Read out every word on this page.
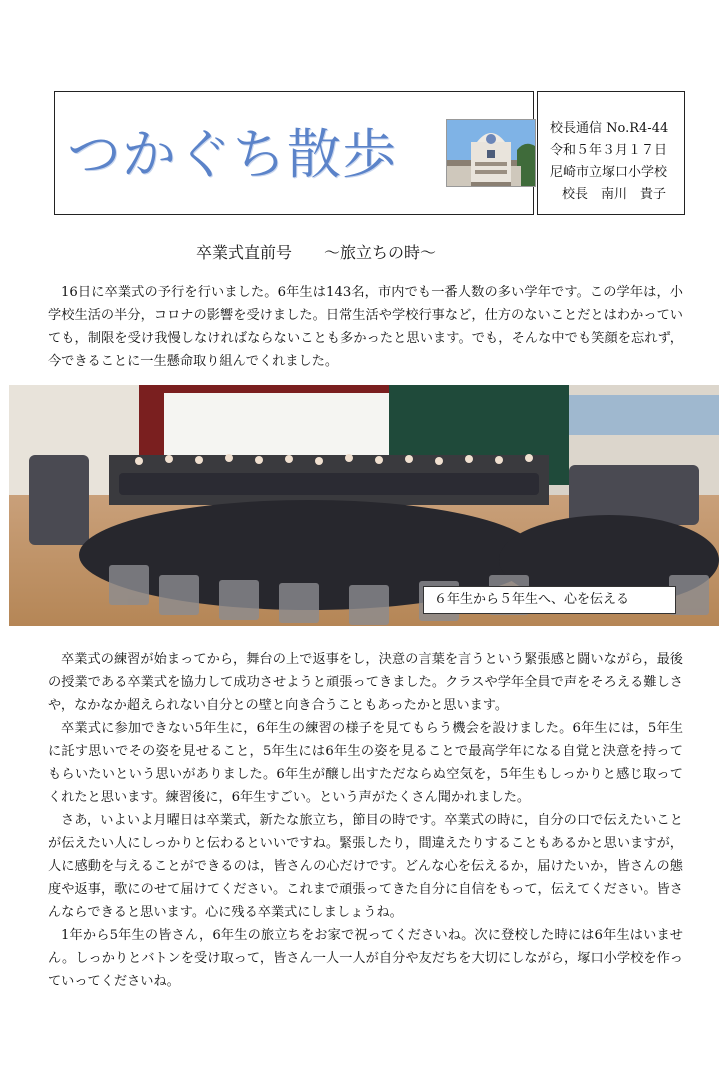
つかぐち散歩	校長通信 No.R4-44

令和５年３月１７日

尼崎市立塚口小学校

校長　南川　貴子

卒業式直前号　　～旅立ちの時～

16日に卒業式の予行を行いました。6年生は143名，市内でも一番人数の多い学年です。この学年は，小学校生活の半分，コロナの影響を受けました。日常生活や学校行事など，仕方のないことだとはわかっていても，制限を受け我慢しなければならないことも多かったと思います。でも，そんな中でも笑顔を忘れず，今できることに一生懸命取り組んでくれました。

６年生から５年生へ、心を伝える

卒業式の練習が始まってから，舞台の上で返事をし，決意の言葉を言うという緊張感と闘いながら，最後の授業である卒業式を協力して成功させようと頑張ってきました。クラスや学年全員で声をそろえる難しさや，なかなか超えられない自分との壁と向き合うこともあったかと思います。

卒業式に参加できない5年生に，6年生の練習の様子を見てもらう機会を設けました。6年生には，5年生に託す思いでその姿を見せること，5年生には6年生の姿を見ることで最高学年になる自覚と決意を持ってもらいたいという思いがありました。6年生が醸し出すただならぬ空気を，5年生もしっかりと感じ取ってくれたと思います。練習後に，6年生すごい。という声がたくさん聞かれました。

さあ，いよいよ月曜日は卒業式，新たな旅立ち，節目の時です。卒業式の時に，自分の口で伝えたいことが伝えたい人にしっかりと伝わるといいですね。緊張したり，間違えたりすることもあるかと思いますが，人に感動を与えることができるのは，皆さんの心だけです。どんな心を伝えるか，届けたいか，皆さんの態度や返事，歌にのせて届けてください。これまで頑張ってきた自分に自信をもって，伝えてください。皆さんならできると思います。心に残る卒業式にしましょうね。

1年から5年生の皆さん，6年生の旅立ちをお家で祝ってくださいね。次に登校した時には6年生はいません。しっかりとバトンを受け取って，皆さん一人一人が自分や友だちを大切にしながら，塚口小学校を作っていってくださいね。
